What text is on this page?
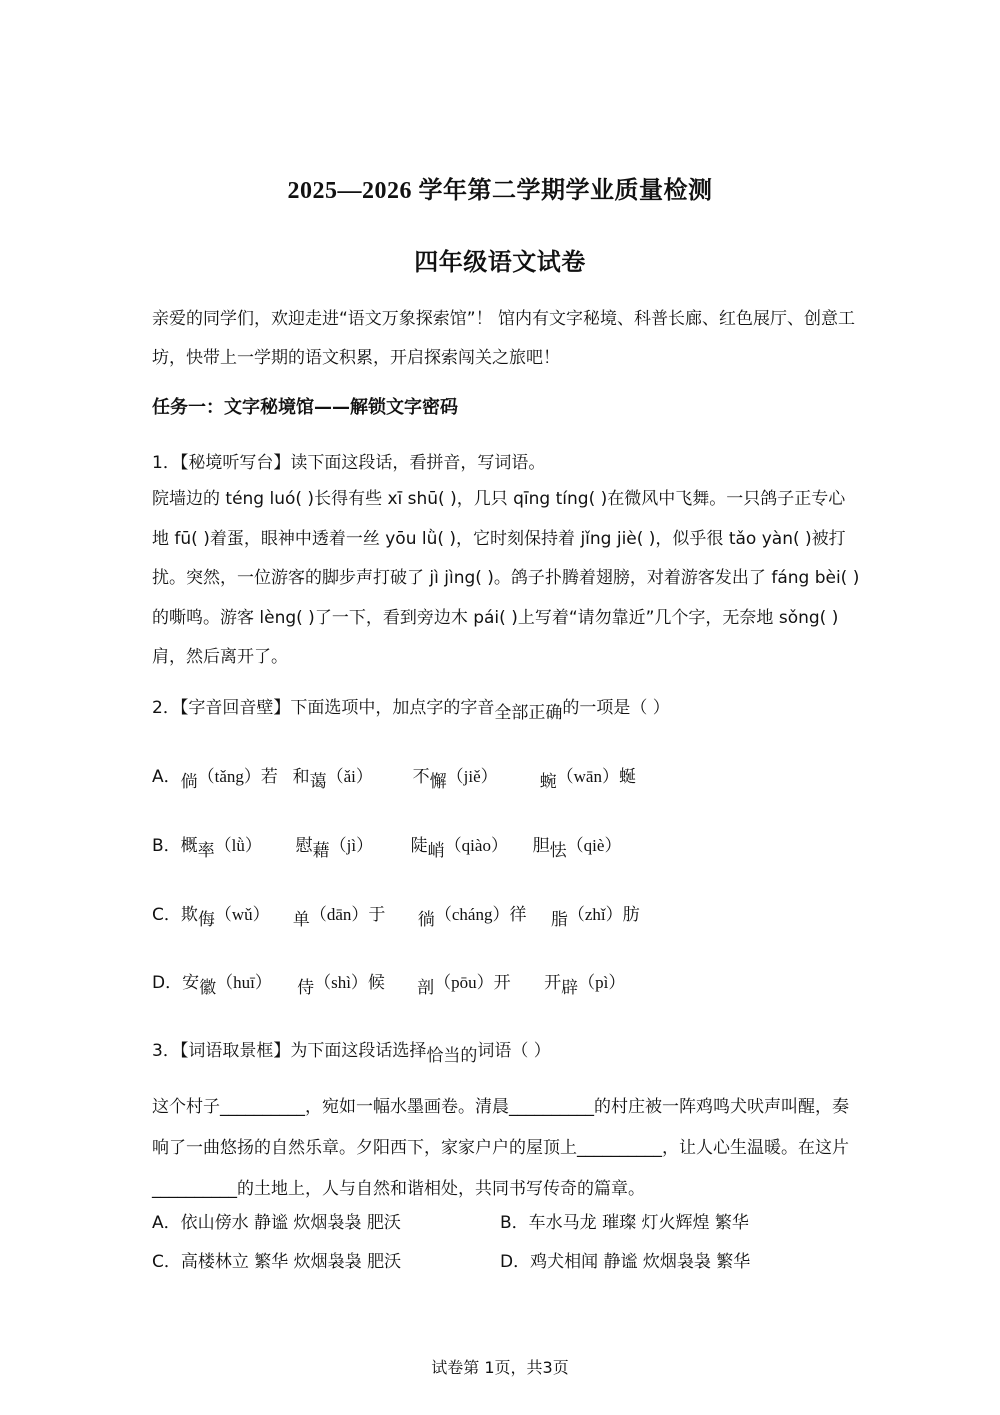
2025—2026 学年第二学期学业质量检测
四年级语文试卷
亲爱的同学们，欢迎走进“语文万象探索馆”！ 馆内有文字秘境、科普长廊、红色展厅、创意工坊，快带上一学期的语文积累，开启探索闯关之旅吧！
任务一：文字秘境馆——解锁文字密码
1．【秘境听写台】读下面这段话，看拼音，写词语。
院墙边的 téng luó( )长得有些 xī shū( )，几只 qīng tíng( )在微风中飞舞。一只鸽子正专心地 fū( )着蛋，眼神中透着一丝 yōu lǜ( )，它时刻保持着 jǐng jiè( )，似乎很 tǎo yàn( )被打扰。突然，一位游客的脚步声打破了 jì jìng( )。鸽子扑腾着翅膀，对着游客发出了 fáng bèi( )的嘶鸣。游客 lèng( )了一下，看到旁边木 pái( )上写着“请勿靠近”几个字，无奈地 sǒng( )肩，然后离开了。
2．【字音回音壁】下面选项中，加点字的字音全部正确的一项是（ ）
A．倘（tǎng）若 和蔼（ǎi） 不懈（jiě） 蜿（wān）蜒
B．概率（lǜ） 慰藉（jì） 陡峭（qiào） 胆怯（qiè）
C．欺侮（wǔ） 单（dān）于 徜（cháng）徉 脂（zhǐ）肪
D．安徽（huī） 侍（shì）候 剖（pōu）开 开辟（pì）
3．【词语取景框】为下面这段话选择恰当的词语（ ）
这个村子__________，宛如一幅水墨画卷。清晨__________的村庄被一阵鸡鸣犬吠声叫醒，奏响了一曲悠扬的自然乐章。夕阳西下，家家户户的屋顶上__________，让人心生温暖。在这片__________的土地上，人与自然和谐相处，共同书写传奇的篇章。
A．依山傍水 静谧 炊烟袅袅 肥沃	B．车水马龙 璀璨 灯火辉煌 繁华
C．高楼林立 繁华 炊烟袅袅 肥沃	D．鸡犬相闻 静谧 炊烟袅袅 繁华
试卷第 1页，共3页
